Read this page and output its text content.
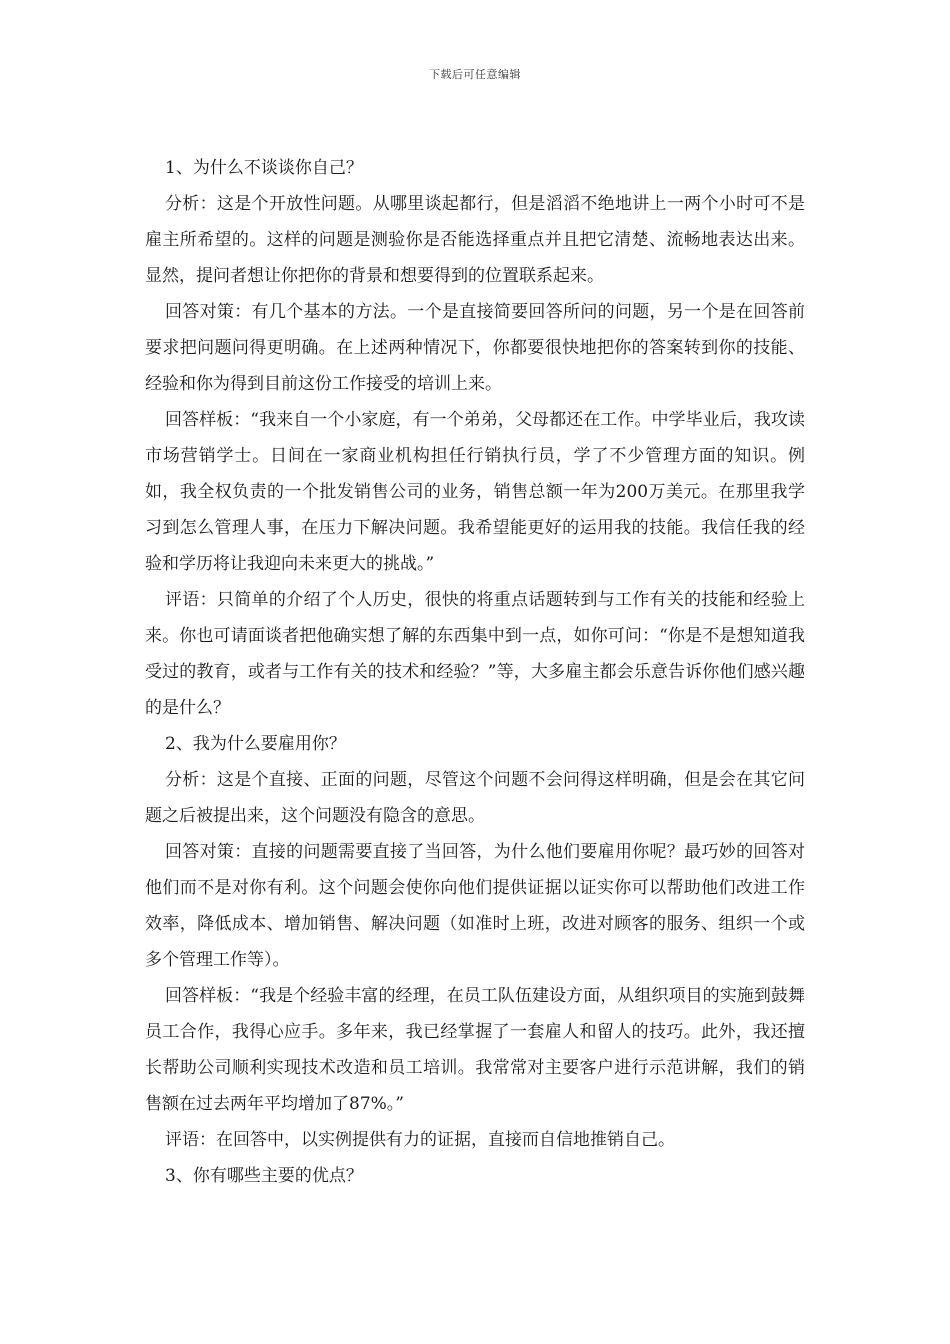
下载后可任意编辑

1、为什么不谈谈你自己？

分析：这是个开放性问题。从哪里谈起都行，但是滔滔不绝地讲上一两个小时可不是雇主所希望的。这样的问题是测验你是否能选择重点并且把它清楚、流畅地表达出来。显然，提问者想让你把你的背景和想要得到的位置联系起来。

回答对策：有几个基本的方法。一个是直接简要回答所问的问题，另一个是在回答前要求把问题问得更明确。在上述两种情况下，你都要很快地把你的答案转到你的技能、经验和你为得到目前这份工作接受的培训上来。

回答样板：“我来自一个小家庭，有一个弟弟，父母都还在工作。中学毕业后，我攻读市场营销学士。日间在一家商业机构担任行销执行员，学了不少管理方面的知识。例如，我全权负责的一个批发销售公司的业务，销售总额一年为200万美元。在那里我学习到怎么管理人事，在压力下解决问题。我希望能更好的运用我的技能。我信任我的经验和学历将让我迎向未来更大的挑战。”

评语：只简单的介绍了个人历史，很快的将重点话题转到与工作有关的技能和经验上来。你也可请面谈者把他确实想了解的东西集中到一点，如你可问：“你是不是想知道我受过的教育，或者与工作有关的技术和经验？”等，大多雇主都会乐意告诉你他们感兴趣的是什么？

2、我为什么要雇用你？

分析：这是个直接、正面的问题，尽管这个问题不会问得这样明确，但是会在其它问题之后被提出来，这个问题没有隐含的意思。

回答对策：直接的问题需要直接了当回答，为什么他们要雇用你呢？最巧妙的回答对他们而不是对你有利。这个问题会使你向他们提供证据以证实你可以帮助他们改进工作效率，降低成本、增加销售、解决问题（如准时上班，改进对顾客的服务、组织一个或多个管理工作等）。

回答样板：“我是个经验丰富的经理，在员工队伍建设方面，从组织项目的实施到鼓舞员工合作，我得心应手。多年来，我已经掌握了一套雇人和留人的技巧。此外，我还擅长帮助公司顺利实现技术改造和员工培训。我常常对主要客户进行示范讲解，我们的销售额在过去两年平均增加了87%。”

评语：在回答中，以实例提供有力的证据，直接而自信地推销自己。

3、你有哪些主要的优点？
